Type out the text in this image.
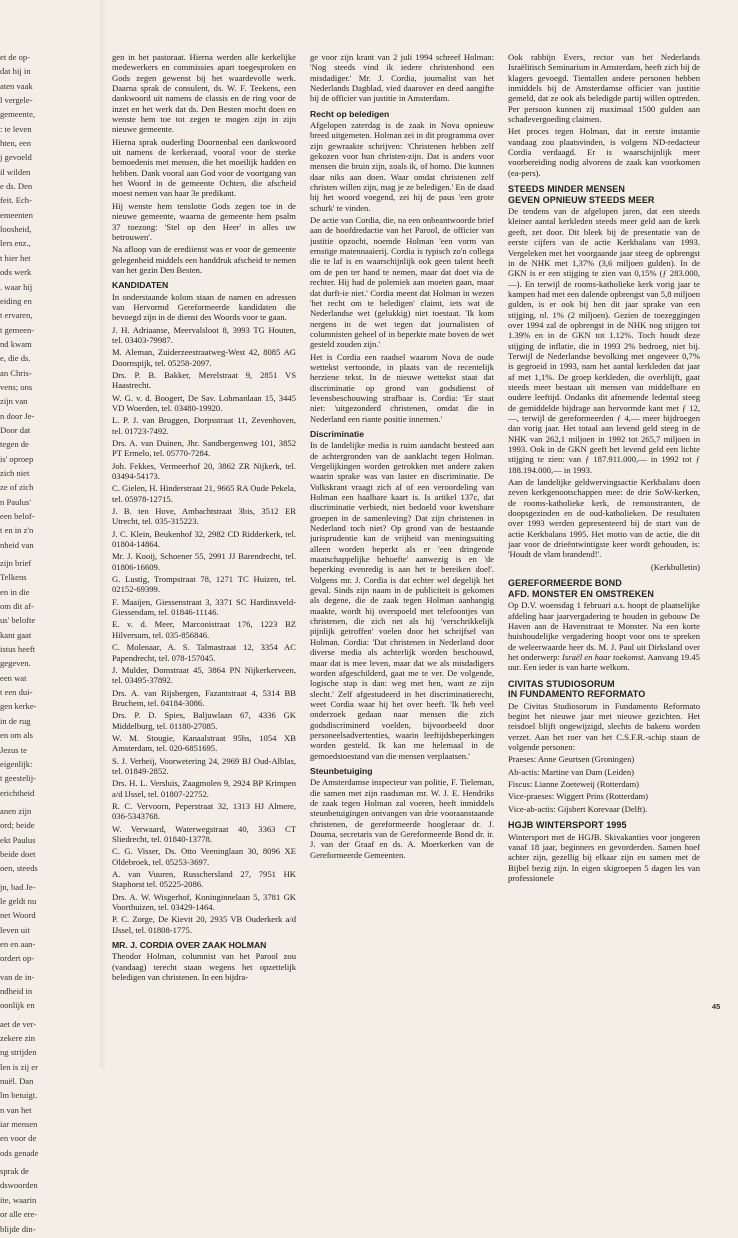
et de op-

dat hij in

aten vaak

l vergele-

gemeente,

: te leven

hten, een

j gevoeld

il wilden

e ds. Den

feit. Ech-

emeenten

loosheid,

lers enz.,

t hier het

ods werk

. waar hij

eiding en

t ervaren,

t gemeen-

nd kwam

e, die ds.

an Chris-

vens; ons

zijn van

n door Je-

Door dat

tegen de

is' oproep

zich niet

ze of zich

n Paulus'

een belof-

t en in z'n

nheid van

zijn brief

Telkens

en in die

om dit af-

us' belofte

kant gaat

istus heeft

gegeven.

een wat

t een dui-

gen kerke-

in de rug

en om als

Jezus te

eigenlijk:

t geestelij-

erichtheid

anen zijn

ord; beide

ekt Paulus

beide doet

oen, steeds

jn, bad Je-

le geldt nu

net Woord

leven uit

en en aan-

ordert op-

van de in-

ndheid in

oonlijk en

aet de ver-

zekere zin

ng strijden

len is zij er

nuël. Dan

lm betuigt.

n van het

iar mensen

en voor de

ods genade

sprak de

dswoorden

ite, waarin

or alle ere-

blijde din-

gen in het pastoraat. Hierna werden alle kerkelijke medewerkers en commissies apart toegesproken en Gods zegen gewenst bij het waardevolle werk. Daarna sprak de consulent, ds. W. F. Teekens, een dankwoord uit namens de classis en de ring voor de inzet en het werk dat ds. Den Besten mocht doen en wenste hem toe tot zegen te mogen zijn in zijn nieuwe gemeente.

Hierna sprak ouderling Doornenbal een dankwoord uit namens de kerkeraad, vooral voor de sterke bemoedenis met mensen, die het moeilijk hadden en hebben. Dank vooral aan God voor de voortgang van het Woord in de gemeente Ochten, die afscheid moest nemen van haar 3e predikant.

Hij wenste hem tenslotte Gods zegen toe in de nieuwe gemeente, waarna de gemeente hem psalm 37 toezong: 'Stel op den Heer' in alles uw betrouwen'.

Na afloop van de erediienst was er voor de gemeente gelegenheid middels een handdruk afscheid te nemen van het gezin Den Besten.

KANDIDATEN

In onderstaande kolom staan de namen en adressen van Hervormd Gereformeerde kandidaten die bevoegd zijn in de dienst des Woords voor te gaan.

J. H. Adriaanse, Meervalsloot 8, 3993 TG Houten, tel. 03403-79987.

M. Aleman, Zuiderzeestraatweg-West 42, 8085 AG Doornspijk, tel. 05258-2097.

Drs. P. B. Bakker, Merelstraat 9, 2851 VS Haastrecht.

W. G. v. d. Boogert, De Sav. Lohmanlaan 15, 3445 VD Woerden, tel. 03480-19920.

L. P. J. van Bruggen, Dorpsstraat 11, Zevenhoven, tel. 01723-7492.

Drs. A. van Duinen, Jhr. Sandbergenweg 101, 3852 PT Ermelo, tel. 05770-7284.

Joh. Fekkes, Vermeerhof 20, 3862 ZR Nijkerk, tel. 03494-54173.

C. Gielen, H. Hinderstraat 21, 9665 RA Oude Pekela, tel. 05978-12715.

J. B. ten Hove, Ambachtstraat 3bis, 3512 ER Utrecht, tel. 035-315223.

J. C. Klein, Beukenhof 32, 2982 CD Ridderkerk, tel. 01804-14864.

Mr. J. Kooij, Schoener 55, 2991 JJ Barendrecht, tel. 01806-16609.

G. Lustig, Trompstraat 78, 1271 TC Huizen, tel. 02152-69399.

F. Maaijen, Giessenstraat 3, 3371 SC Hardinxveld-Giessendam, tel. 01846-11146.

E. v. d. Meer, Marconistraat 176, 1223 BZ Hilversum, tel. 035-856846.

C. Molenaar, A. S. Talmastraat 12, 3354 AC Papendrecht, tel. 078-157045.

J. Mulder, Domstraat 45, 3864 PN Nijkerkerveen, tel. 03495-37892.

Drs. A. van Rijsbergen, Fazantstraat 4, 5314 BB Bruchem, tel. 04184-3086.

Drs. P. D. Spies, Baljuwlaan 67, 4336 GK Middelburg, tel. 01180-27085.

W. M. Stougie, Kanaalstraat 95hs, 1054 XB Amsterdam, tel. 020-6851695.

S. J. Verheij, Voorwetering 24, 2969 BJ Oud-Alblas, tel. 01849-2852.

Drs. H. L. Versluis, Zaagmolen 9, 2924 BP Krimpen a/d IJssel, tel. 01807-22752.

R. C. Vervoorn, Peperstraat 32, 1313 HJ Almere, 036-5343768.

W. Verwaard, Waterwegstraat 40, 3363 CT Sliedrecht, tel. 01840-13778.

C. G. Visser, Ds. Otto Veeninglaan 30, 8096 XE Oldebroek, tel. 05253-3697.

A. van Vuuren, Russchersland 27, 7951 HK Staphorst tel. 05225-2086.

Drs. A. W. Wisgerhof, Koninginnelaan 5, 3781 GK Voorthuizen, tel. 03429-1464.

P. C. Zorge, De Kievit 20, 2935 VB Ouderkerk a/d IJssel, tel. 01808-1775.

MR. J. CORDIA OVER ZAAK HOLMAN

Theodor Holman, columnist van het Parool zou (vandaag) terecht staan wegens het opzettelijk beledigen van christenen. In een bijdra-

ge voor zijn krant van 2 juli 1994 schreef Holman: 'Nog steeds vind ik iedere christenhond een misdadiger.' Mr. J. Cordia, journalist van het Nederlands Dagblad, vied daarover en deed aangifte bij de officier van justitie in Amsterdam.

Recht op beledigen

Afgelopen zaterdag is de zaak in Nova opnieuw breed uitgemeten. Holman zei in dit programma over zijn gewraakte schrijven: 'Christenen hebben zelf gekozen voor hun christen-zijn. Dat is anders voor mensen die bruin zijn, zoals ik, of homo. Die kunnen daar niks aan doen. Waar omdat christenen zelf christen willen zijn, mag je ze beledigen.' En de daad bij het woord voegend, zei hij de paus 'een grote schurk' te vinden.

De actie van Cordia, die, na een onbeantwoorde brief aan de hoofdredactie van het Parool, de officier van justitie opzocht, noemde Holman 'een vorm van ernstige matennaaierij. Cordia is typisch zo'n collega die te laf is en waarschijnlijk ook geen talent heeft om de pen ter hand te nemen, maar dat doet via de rechter. Hij had de polemiek aan moeten gaan, maar dat durft-ie niet.' Cordia meent dat Holman in wezen 'het recht om te beledigen' claimt, iets wat de Nederlandse wet (gelukkig) niet toestaat. 'Ik kom nergens in de wet tegen dat journalisten of columnisten geheel of in beperkte mate boven de wet gesteld zouden zijn.'

Het is Cordia een raadsel waarom Nova de oude wettekst vertoonde, in plaats van de recentelijk herziene tekst. In de nieuwe wettekst staat dat discriminatie op grond van godsdienst of levensbeschouwing strafbaar is. Cordia: 'Er staat niet: 'uitgezonderd christenen, omdat die in Nederland een riante positie innemen.'

Discriminatie

In de landelijke media is ruim aandacht besteed aan de achtergronden van de aanklacht tegen Holman. Vergelijkingen worden getrokken met andere zaken waarin sprake was van laster en discriminatie. De Volkskrant vraagt zich af of een veroordeling van Holman een haalbare kaart is. Is artikel 137c, dat discriminatie verbiedt, niet bedoeld voor kwetsbare groepen in de samenleving? Dat zijn christenen in Nederland toch niet? Op grond van de bestaande jurisprudentie kan de vrijheid van meningsuiting alleen worden beperkt als er 'een dringende maatschappelijke behoefte' aanwezig is en 'de beperking evenredig is aan het te bereiken doel'. Volgens mr. J. Cordia is dat echter wel degelijk het geval. Sinds zijn naam in de publiciteit is gekomen als degene, die de zaak tegen Holman aanhangig maakte, wordt hij overspoeld met telefoontjes van christenen, die zich net als hij 'verschrikkelijk pijnlijk getroffen' voelen door het schrijfsel van Holman. Cordia: 'Dat christenen in Nederland door diverse media als achterlijk worden beschouwd, maar dat is mee leven, maar dat we als misdadigers worden afgeschilderd, gaat me te ver. De volgende, logische stap is dan: weg met hen, want ze zijn slecht.' Zelf afgestudeerd in het discriminatierecht, weet Cordia waar hij het over heeft. 'Ik heb veel onderzoek gedaan naar mensen die zich godsdiscriminerd voelden, bijvoorbeeld door personeelsadvertenties, waarin leeftijdsbeperkingen worden gesteld. Ik kan me helemaal in de gemoedstoestand van die mensen verplaatsen.'

Steunbetuiging

De Amsterdamse inspecteur van politie, F. Tieleman, die samen met zijn raadsman mr. W. J. E. Hendriks de zaak tegen Holman zal voeren, heeft inmiddels steunbetuigingen ontvangen van drie vooraanstaande christenen, de gereformeerde hoogleraar dr. J. Douma, secretaris van de Gereformeerde Bond dr. ir. J. van der Graaf en ds. A. Moerkerken van de Gereformeerde Gemeenten.

Ook rabbijn Evers, rector van het Nederlands Israëlitisch Seminarium in Amsterdam, heeft zich bij de klagers gevoegd. Tientallen andere personen hebben inmiddels bij de Amsterdamse officier van justitie gemeld, dat ze ook als beledigde partij willen optreden. Per persoon kunnen zij maximaal 1500 gulden aan schadevergoeding claimen.

Het proces tegen Holman, dat in eerste instantie vandaag zou plaatsvinden, is volgens ND-redacteur Cordia verdaagd. Er is waarschijnlijk meer voorbereiding nodig alvorens de zaak kan voorkomen (ea-pers).

STEEDS MINDER MENSEN
GEVEN OPNIEUW STEEDS MEER

De tendens van de afgelopen jaren, dat een steeds kleiner aantal kerkleden steeds meer geld aan de kerk geeft, zet door. Dit bleek bij de presentatie van de eerste cijfers van de actie Kerkbalans van 1993. Vergeleken met het voorgaande jaar steeg de opbrengst in de NHK met 1,37% (3,6 miljoen gulden). In de GKN is er een stijging te zien van 0,15% (ƒ 283.000,—). En terwijl de rooms-katholieke kerk vorig jaar te kampen had met een dalende opbrengst van 5,8 miljoen gulden, is er ook bij hen dit jaar sprake van een stijging, nl. 1% (2 miljoen). Gezien de toezeggingen over 1994 zal de opbrengst in de NHK nog stijgen tot 1.39% en in de GKN tot 1.12%. Toch houdt deze stijging de inflatie, die in 1993 2% bedroeg, niet bij. Terwijl de Nederlandse bevolking met ongeveer 0,7% is gegroeid in 1993, nam het aantal kerkleden dat jaar af met 1,1%. De groep kerkleden, die overblijft, gaat steeds meer bestaan uit mensen van middelbare en oudere leeftijd. Ondanks dit afnemende ledental steeg de gemiddelde bijdrage aan hervormde kant met ƒ 12,—, terwijl de gereformeerden ƒ 4,— meer bijdroegen dan vorig jaar. Het totaal aan levend geld steeg in de NHK van 262,1 miljoen in 1992 tot 265,7 miljoen in 1993. Ook in de GKN geeft het levend geld een lichte stijging te zien: van ƒ 187.911.000,— in 1992 tot ƒ 188.194.000,— in 1993.

Aan de landelijke geldwervingsactie Kerkbalans doen zeven kerkgenootschappen mee: de drie SoW-kerken, de rooms-katholieke kerk, de remonstranten, de doopsgezinden en de oud-katholieken. De resultaten over 1993 werden gepresenteerd bij de start van de actie Kerkbalans 1995. Het motto van de actie, die dit jaar voor de drieëntwintigste keer wordt gehouden, is: 'Houdt de vlam brandend!'.

(Kerkbulletin)

GEREFORMEERDE BOND
AFD. MONSTER EN OMSTREKEN

Op D.V. woensdag 1 februari a.s. hoopt de plaatselijke afdeling haar jaarvergadering te houden in gebouw De Haven aan de Havenstraat te Monster. Na een korte huishoudelijke vergadering hoopt voor ons te spreken de weleerwaarde heer ds. M. J. Paul uit Dirksland over het onderwerp: Israël en haar toekomst. Aanvang 19.45 uur. Een ieder is van harte welkom.

CIVITAS STUDIOSORUM
IN FUNDAMENTO REFORMATO

De Civitas Studiosorum in Fundamento Reformato begint het nieuwe jaar met nieuwe gezichten. Het reisdoel blijft ongewijzigd, slechts de bakens worden verzet. Aan het roer van het C.S.F.R.-schip staan de volgende personen:

Praeses: Anne Geurtsen (Groningen)

Ab-actis: Martine van Dam (Leiden)

Fiscus: Lianne Zoeteweij (Rotterdam)

Vice-praeses: Wiggert Prins (Rotterdam)

Vice-ab-actis: Gijsbert Korevaar (Delft).

HGJB WINTERSPORT 1995

Wintersport met de HGJB. Skivakanties voor jongeren vanaf 18 jaar, beginners en gevorderden. Samen hoef achter zijn, gezellig bij elkaar zijn en samen met de Bijbel bezig zijn. In eigen skigroepen 5 dagen les van professionele

45
